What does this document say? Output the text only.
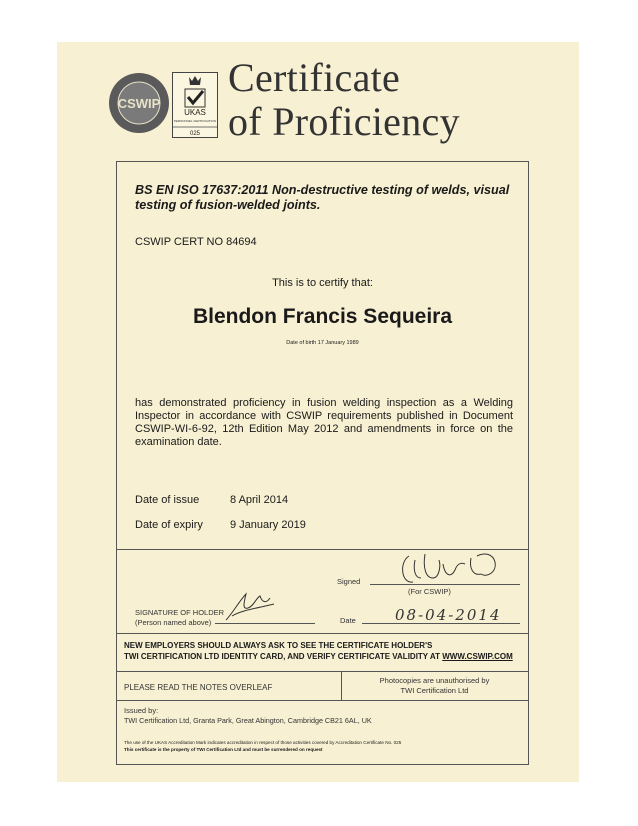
CSWIP
UKAS
PERSONNEL CERTIFICATION
025
Certificate
of Proficiency
BS EN ISO 17637:2011 Non-destructive testing of welds, visual testing of fusion-welded joints.
CSWIP CERT NO 84694
This is to certify that:
Blendon Francis Sequeira
Date of birth 17 January 1989
has demonstrated proficiency in fusion welding inspection as a Welding Inspector in accordance with CSWIP requirements published in Document CSWIP-WI-6-92, 12th Edition May 2012 and amendments in force on the examination date.
Date of issue	8 April 2014
Date of expiry 9 January 2019
Signed
(For CSWIP)
SIGNATURE OF HOLDER
(Person named above)	Date	08-04-2014
NEW EMPLOYERS SHOULD ALWAYS ASK TO SEE THE CERTIFICATE HOLDER'S
TWI CERTIFICATION LTD IDENTITY CARD, AND VERIFY CERTIFICATE VALIDITY AT WWW.CSWIP.COM
PLEASE READ THE NOTES OVERLEAF
Photocopies are unauthorised by
TWI Certification Ltd
Issued by:
TWI Certification Ltd, Granta Park, Great Abington, Cambridge CB21 6AL, UK
The use of the UKAS Accreditation Mark indicates accreditation in respect of those activities covered by Accreditation Certificate No. 025
This certificate is the property of TWI Certification Ltd and must be surrendered on request
